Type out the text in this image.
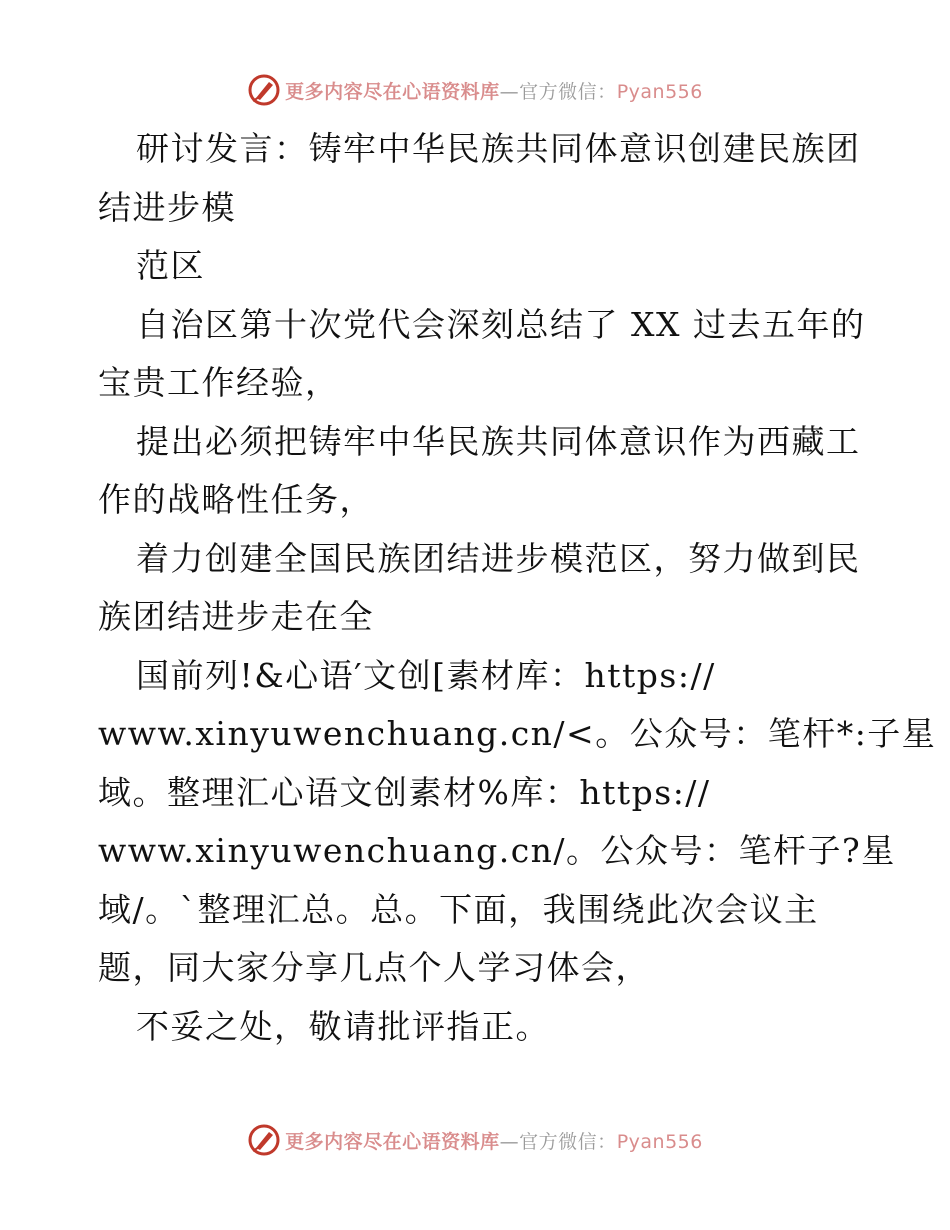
更多内容尽在心语资料库—官方微信：Pyan556
研讨发言：铸牢中华民族共同体意识创建民族团
结进步模
范区
自治区第十次党代会深刻总结了 XX 过去五年的
宝贵工作经验，
提出必须把铸牢中华民族共同体意识作为西藏工
作的战略性任务，
着力创建全国民族团结进步模范区，努力做到民
族团结进步走在全
国前列!&心语′文创[素材库：https://
www.xinyuwenchuang.cn/<。公众号：笔杆*:子星
域。整理汇心语文创素材%库：https://
www.xinyuwenchuang.cn/。公众号：笔杆子?星
域/。`整理汇总。总。下面，我围绕此次会议主
题，同大家分享几点个人学习体会，
不妥之处，敬请批评指正。
更多内容尽在心语资料库—官方微信：Pyan556
